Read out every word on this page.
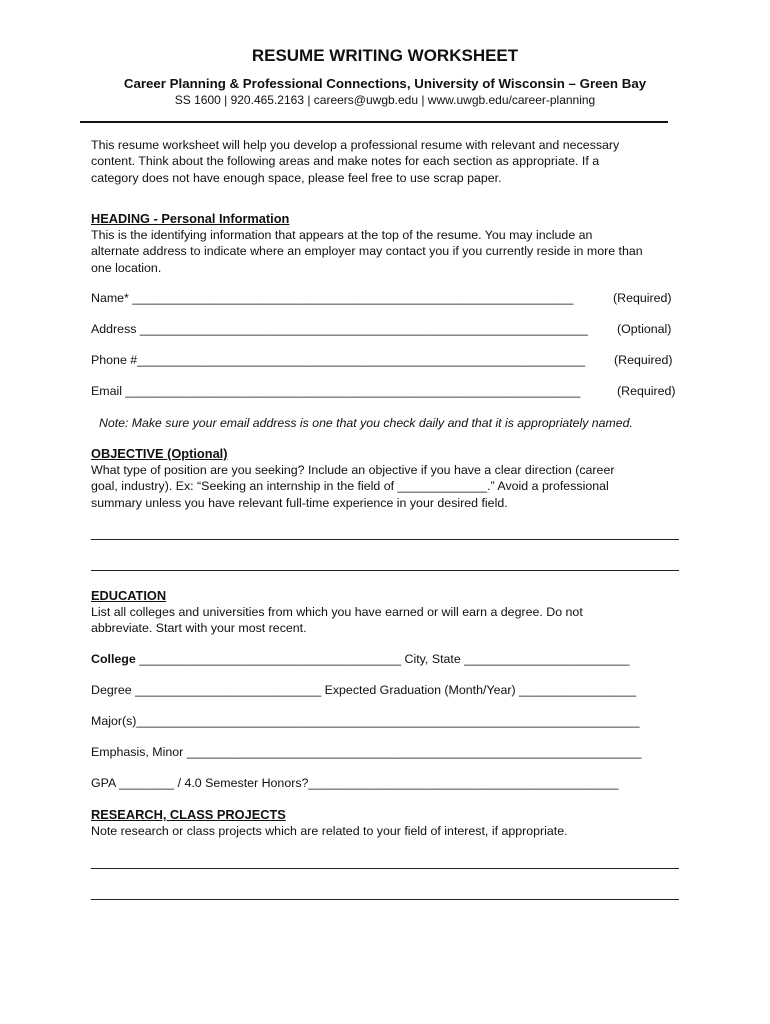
RESUME WRITING WORKSHEET
Career Planning & Professional Connections, University of Wisconsin – Green Bay
SS 1600 | 920.465.2163 | careers@uwgb.edu | www.uwgb.edu/career-planning
This resume worksheet will help you develop a professional resume with relevant and necessary
content. Think about the following areas and make notes for each section as appropriate. If a
category does not have enough space, please feel free to use scrap paper.
HEADING - Personal Information
This is the identifying information that appears at the top of the resume. You may include an
alternate address to indicate where an employer may contact you if you currently reside in more than
one location.
Name* ________________________________________________________________	(Required)
Address _________________________________________________________________ (Optional)
Phone #_________________________________________________________________ (Required)
Email __________________________________________________________________	(Required)
Note: Make sure your email address is one that you check daily and that it is appropriately named.
OBJECTIVE (Optional)
What type of position are you seeking? Include an objective if you have a clear direction (career
goal, industry). Ex: “Seeking an internship in the field of _____________.” Avoid a professional
summary unless you have relevant full-time experience in your desired field.
EDUCATION
List all colleges and universities from which you have earned or will earn a degree. Do not
abbreviate. Start with your most recent.
College ______________________________________ City, State ________________________
Degree ___________________________ Expected Graduation (Month/Year) _________________
Major(s)_________________________________________________________________________
Emphasis, Minor __________________________________________________________________
GPA ________ / 4.0 Semester Honors?_____________________________________________
RESEARCH, CLASS PROJECTS
Note research or class projects which are related to your field of interest, if appropriate.
